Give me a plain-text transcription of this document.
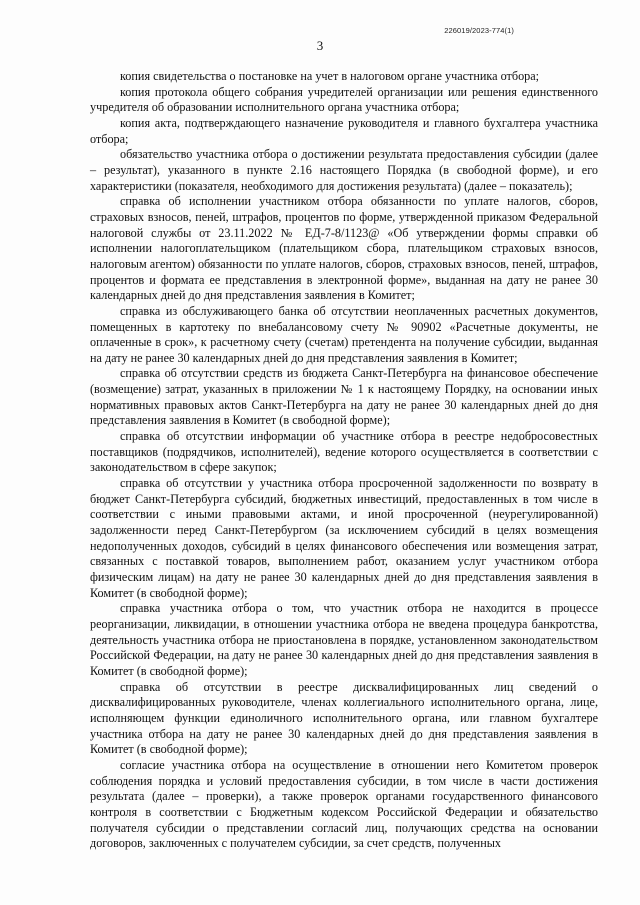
226019/2023-774(1)
3

копия свидетельства о постановке на учет в налоговом органе участника отбора;

копия протокола общего собрания учредителей организации или решения единственного учредителя об образовании исполнительного органа участника отбора;

копия акта, подтверждающего назначение руководителя и главного бухгалтера участника отбора;

обязательство участника отбора о достижении результата предоставления субсидии (далее – результат), указанного в пункте 2.16 настоящего Порядка (в свободной форме), и его характеристики (показателя, необходимого для достижения результата) (далее – показатель);

справка об исполнении участником отбора обязанности по уплате налогов, сборов, страховых взносов, пеней, штрафов, процентов по форме, утвержденной приказом Федеральной налоговой службы от 23.11.2022 № ЕД-7-8/1123@ «Об утверждении формы справки об исполнении налогоплательщиком (плательщиком сбора, плательщиком страховых взносов, налоговым агентом) обязанности по уплате налогов, сборов, страховых взносов, пеней, штрафов, процентов и формата ее представления в электронной форме», выданная на дату не ранее 30 календарных дней до дня представления заявления в Комитет;

справка из обслуживающего банка об отсутствии неоплаченных расчетных документов, помещенных в картотеку по внебалансовому счету № 90902 «Расчетные документы, не оплаченные в срок», к расчетному счету (счетам) претендента на получение субсидии, выданная на дату не ранее 30 календарных дней до дня представления заявления в Комитет;

справка об отсутствии средств из бюджета Санкт-Петербурга на финансовое обеспечение (возмещение) затрат, указанных в приложении № 1 к настоящему Порядку, на основании иных нормативных правовых актов Санкт-Петербурга на дату не ранее 30 календарных дней до дня представления заявления в Комитет (в свободной форме);

справка об отсутствии информации об участнике отбора в реестре недобросовестных поставщиков (подрядчиков, исполнителей), ведение которого осуществляется в соответствии с законодательством в сфере закупок;

справка об отсутствии у участника отбора просроченной задолженности по возврату в бюджет Санкт-Петербурга субсидий, бюджетных инвестиций, предоставленных в том числе в соответствии с иными правовыми актами, и иной просроченной (неурегулированной) задолженности перед Санкт-Петербургом (за исключением субсидий в целях возмещения недополученных доходов, субсидий в целях финансового обеспечения или возмещения затрат, связанных с поставкой товаров, выполнением работ, оказанием услуг участником отбора физическим лицам) на дату не ранее 30 календарных дней до дня представления заявления в Комитет (в свободной форме);

справка участника отбора о том, что участник отбора не находится в процессе реорганизации, ликвидации, в отношении участника отбора не введена процедура банкротства, деятельность участника отбора не приостановлена в порядке, установленном законодательством Российской Федерации, на дату не ранее 30 календарных дней до дня представления заявления в Комитет (в свободной форме);

справка об отсутствии в реестре дисквалифицированных лиц сведений о дисквалифицированных руководителе, членах коллегиального исполнительного органа, лице, исполняющем функции единоличного исполнительного органа, или главном бухгалтере участника отбора на дату не ранее 30 календарных дней до дня представления заявления в Комитет (в свободной форме);

согласие участника отбора на осуществление в отношении него Комитетом проверок соблюдения порядка и условий предоставления субсидии, в том числе в части достижения результата (далее – проверки), а также проверок органами государственного финансового контроля в соответствии с Бюджетным кодексом Российской Федерации и обязательство получателя субсидии о представлении согласий лиц, получающих средства на основании договоров, заключенных с получателем субсидии, за счет средств, полученных
